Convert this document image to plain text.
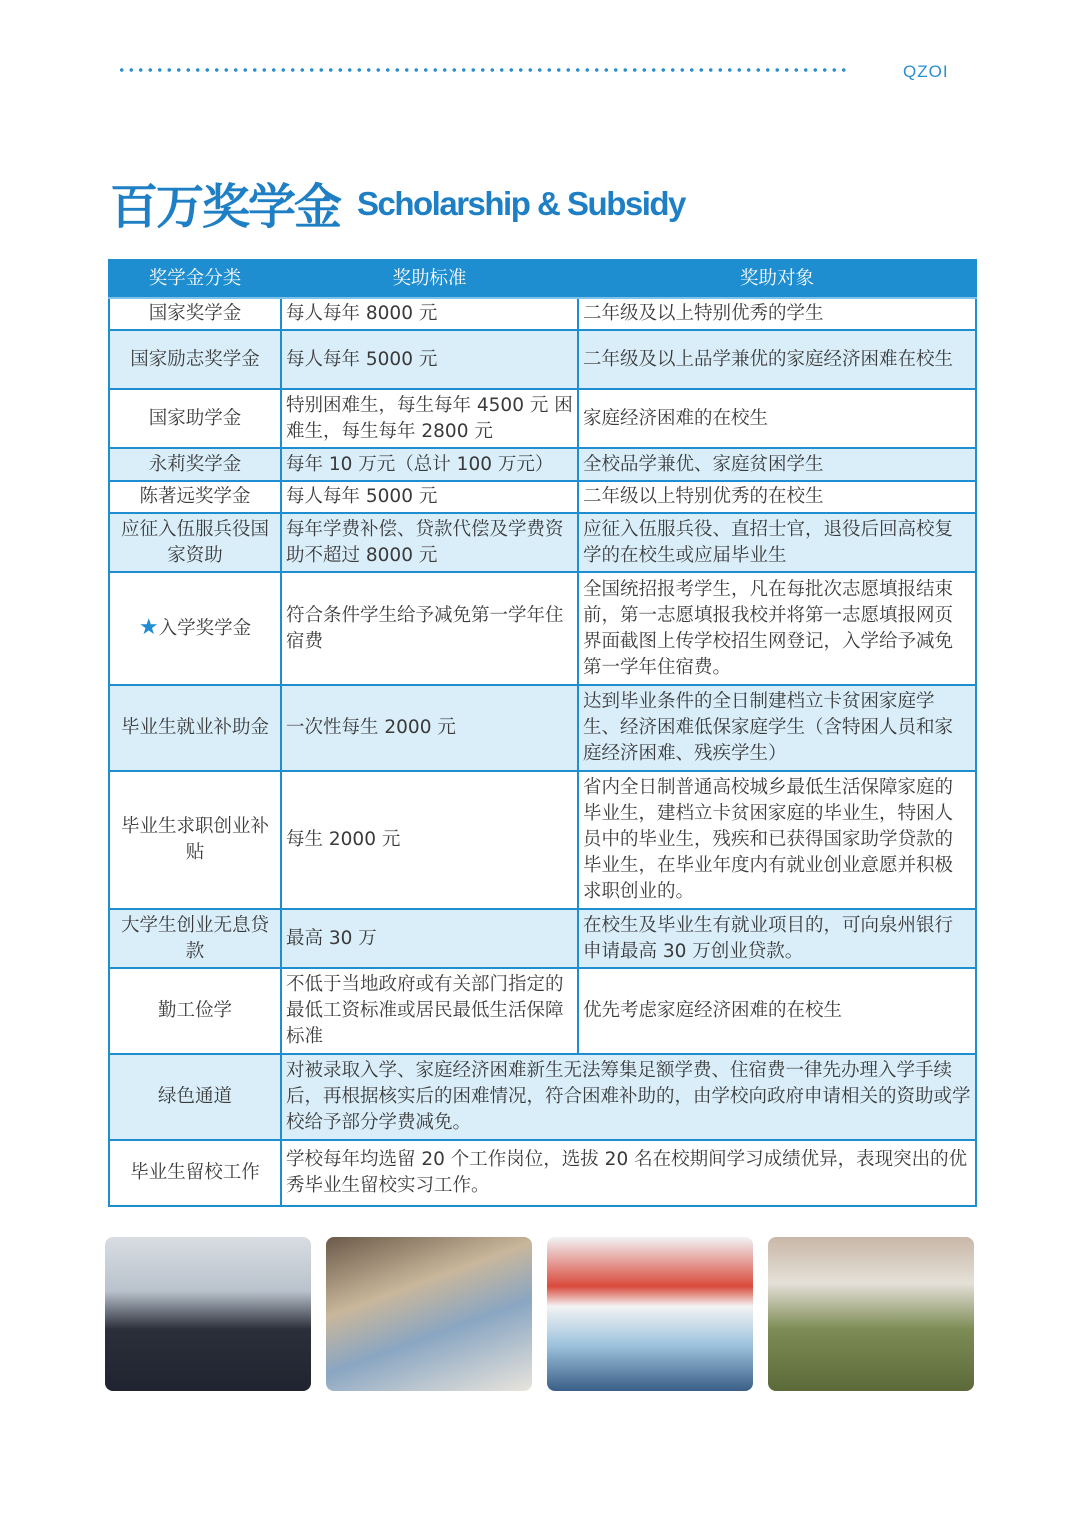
QZOI
百万奖学金 Scholarship & Subsidy
奖学金分类	奖助标准	奖助对象
国家奖学金	每人每年 8000 元	二年级及以上特别优秀的学生
国家励志奖学金	每人每年 5000 元	二年级及以上品学兼优的家庭经济困难在校生
国家助学金	特别困难生，每生每年 4500 元 困难生，每生每年 2800 元	家庭经济困难的在校生
永莉奖学金	每年 10 万元（总计 100 万元）	全校品学兼优、家庭贫困学生
陈著远奖学金	每人每年 5000 元	二年级以上特别优秀的在校生
应征入伍服兵役国家资助	每年学费补偿、贷款代偿及学费资助不超过 8000 元	应征入伍服兵役、直招士官，退役后回高校复学的在校生或应届毕业生
★入学奖学金	符合条件学生给予减免第一学年住宿费	全国统招报考学生，凡在每批次志愿填报结束前，第一志愿填报我校并将第一志愿填报网页界面截图上传学校招生网登记，入学给予减免第一学年住宿费。
毕业生就业补助金	一次性每生 2000 元	达到毕业条件的全日制建档立卡贫困家庭学生、经济困难低保家庭学生（含特困人员和家庭经济困难、残疾学生）
毕业生求职创业补贴	每生 2000 元	省内全日制普通高校城乡最低生活保障家庭的毕业生，建档立卡贫困家庭的毕业生，特困人员中的毕业生，残疾和已获得国家助学贷款的毕业生，在毕业年度内有就业创业意愿并积极求职创业的。
大学生创业无息贷款	最高 30 万	在校生及毕业生有就业项目的，可向泉州银行申请最高 30 万创业贷款。
勤工俭学	不低于当地政府或有关部门指定的最低工资标准或居民最低生活保障标准	优先考虑家庭经济困难的在校生
绿色通道	对被录取入学、家庭经济困难新生无法筹集足额学费、住宿费一律先办理入学手续后，再根据核实后的困难情况，符合困难补助的，由学校向政府申请相关的资助或学校给予部分学费减免。	
毕业生留校工作	学校每年均选留 20 个工作岗位，选拔 20 名在校期间学习成绩优异，表现突出的优秀毕业生留校实习工作。	
